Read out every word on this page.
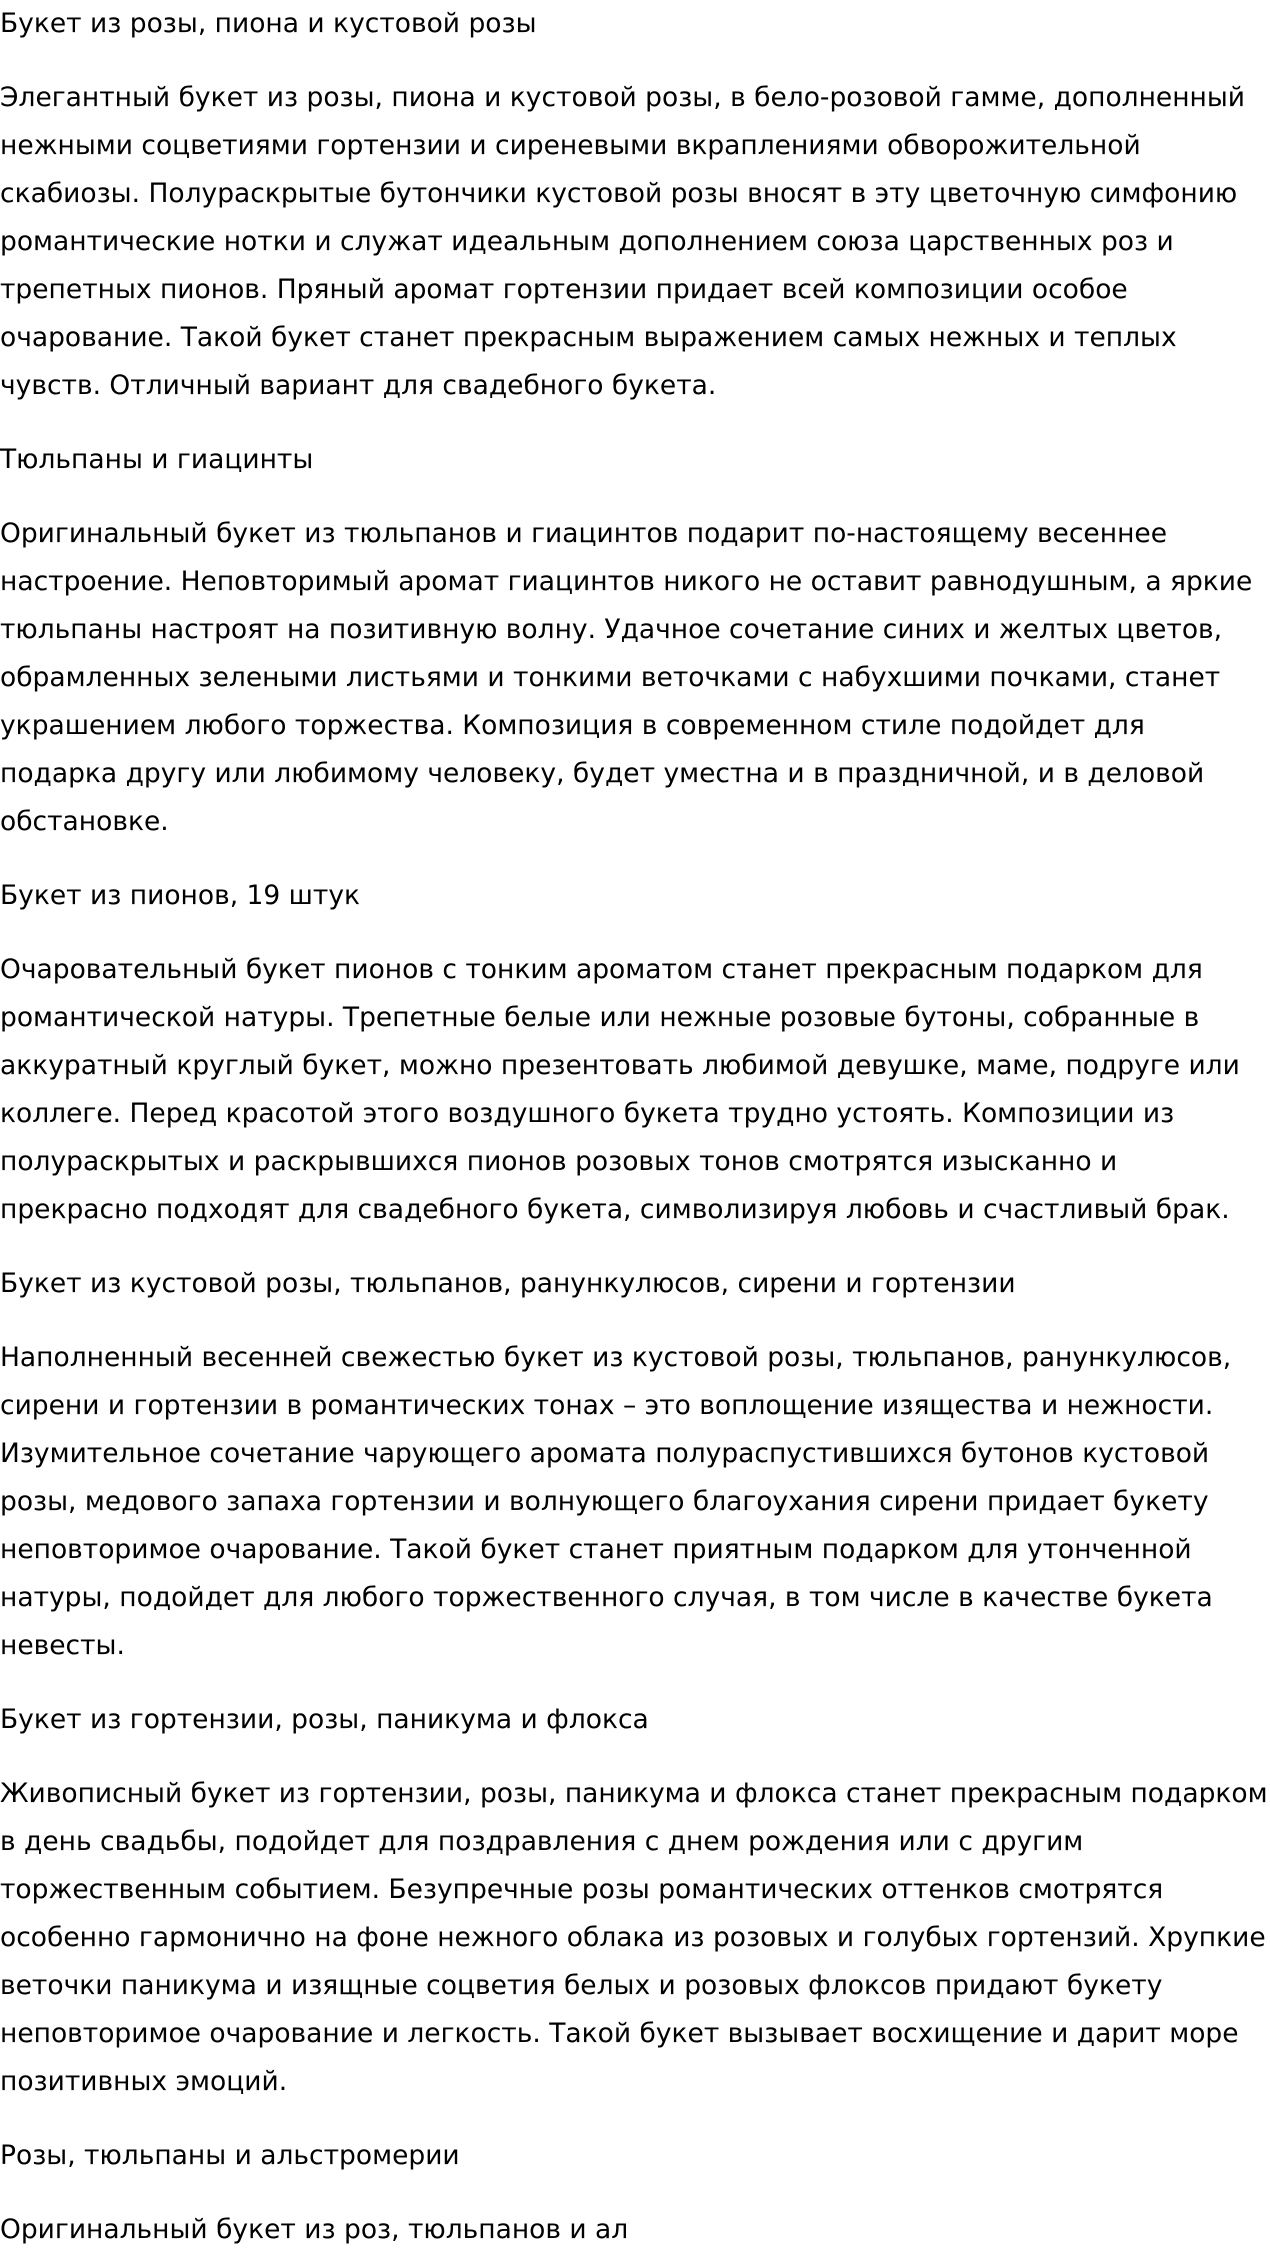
Букет из розы, пиона и кустовой розы

Элегантный букет из розы, пиона и кустовой розы, в бело-розовой гамме, дополненный нежными соцветиями гортензии и сиреневыми вкраплениями обворожительной скабиозы. Полураскрытые бутончики кустовой розы вносят в эту цветочную симфонию романтические нотки и служат идеальным дополнением союза царственных роз и трепетных пионов. Пряный аромат гортензии придает всей композиции особое очарование. Такой букет станет прекрасным выражением самых нежных и теплых чувств. Отличный вариант для свадебного букета.

Тюльпаны и гиацинты

Оригинальный букет из тюльпанов и гиацинтов подарит по-настоящему весеннее настроение. Неповторимый аромат гиацинтов никого не оставит равнодушным, а яркие тюльпаны настроят на позитивную волну. Удачное сочетание синих и желтых цветов, обрамленных зелеными листьями и тонкими веточками с набухшими почками, станет украшением любого торжества. Композиция в современном стиле подойдет для подарка другу или любимому человеку, будет уместна и в праздничной, и в деловой обстановке.

Букет из пионов, 19 штук

Очаровательный букет пионов с тонким ароматом станет прекрасным подарком для романтической натуры. Трепетные белые или нежные розовые бутоны, собранные в аккуратный круглый букет, можно презентовать любимой девушке, маме, подруге или коллеге. Перед красотой этого воздушного букета трудно устоять. Композиции из полураскрытых и раскрывшихся пионов розовых тонов смотрятся изысканно и прекрасно подходят для свадебного букета, символизируя любовь и счастливый брак.

Букет из кустовой розы, тюльпанов, ранункулюсов, сирени и гортензии

Наполненный весенней свежестью букет из кустовой розы, тюльпанов, ранункулюсов, сирени и гортензии в романтических тонах – это воплощение изящества и нежности. Изумительное сочетание чарующего аромата полураспустившихся бутонов кустовой розы, медового запаха гортензии и волнующего благоухания сирени придает букету неповторимое очарование. Такой букет станет приятным подарком для утонченной натуры, подойдет для любого торжественного случая, в том числе в качестве букета невесты.

Букет из гортензии, розы, паникума и флокса

Живописный букет из гортензии, розы, паникума и флокса станет прекрасным подарком в день свадьбы, подойдет для поздравления с днем рождения или с другим торжественным событием. Безупречные розы романтических оттенков смотрятся особенно гармонично на фоне нежного облака из розовых и голубых гортензий. Хрупкие веточки паникума и изящные соцветия белых и розовых флоксов придают букету неповторимое очарование и легкость. Такой букет вызывает восхищение и дарит море позитивных эмоций.

Розы, тюльпаны и альстромерии

Оригинальный букет из роз, тюльпанов и ал
